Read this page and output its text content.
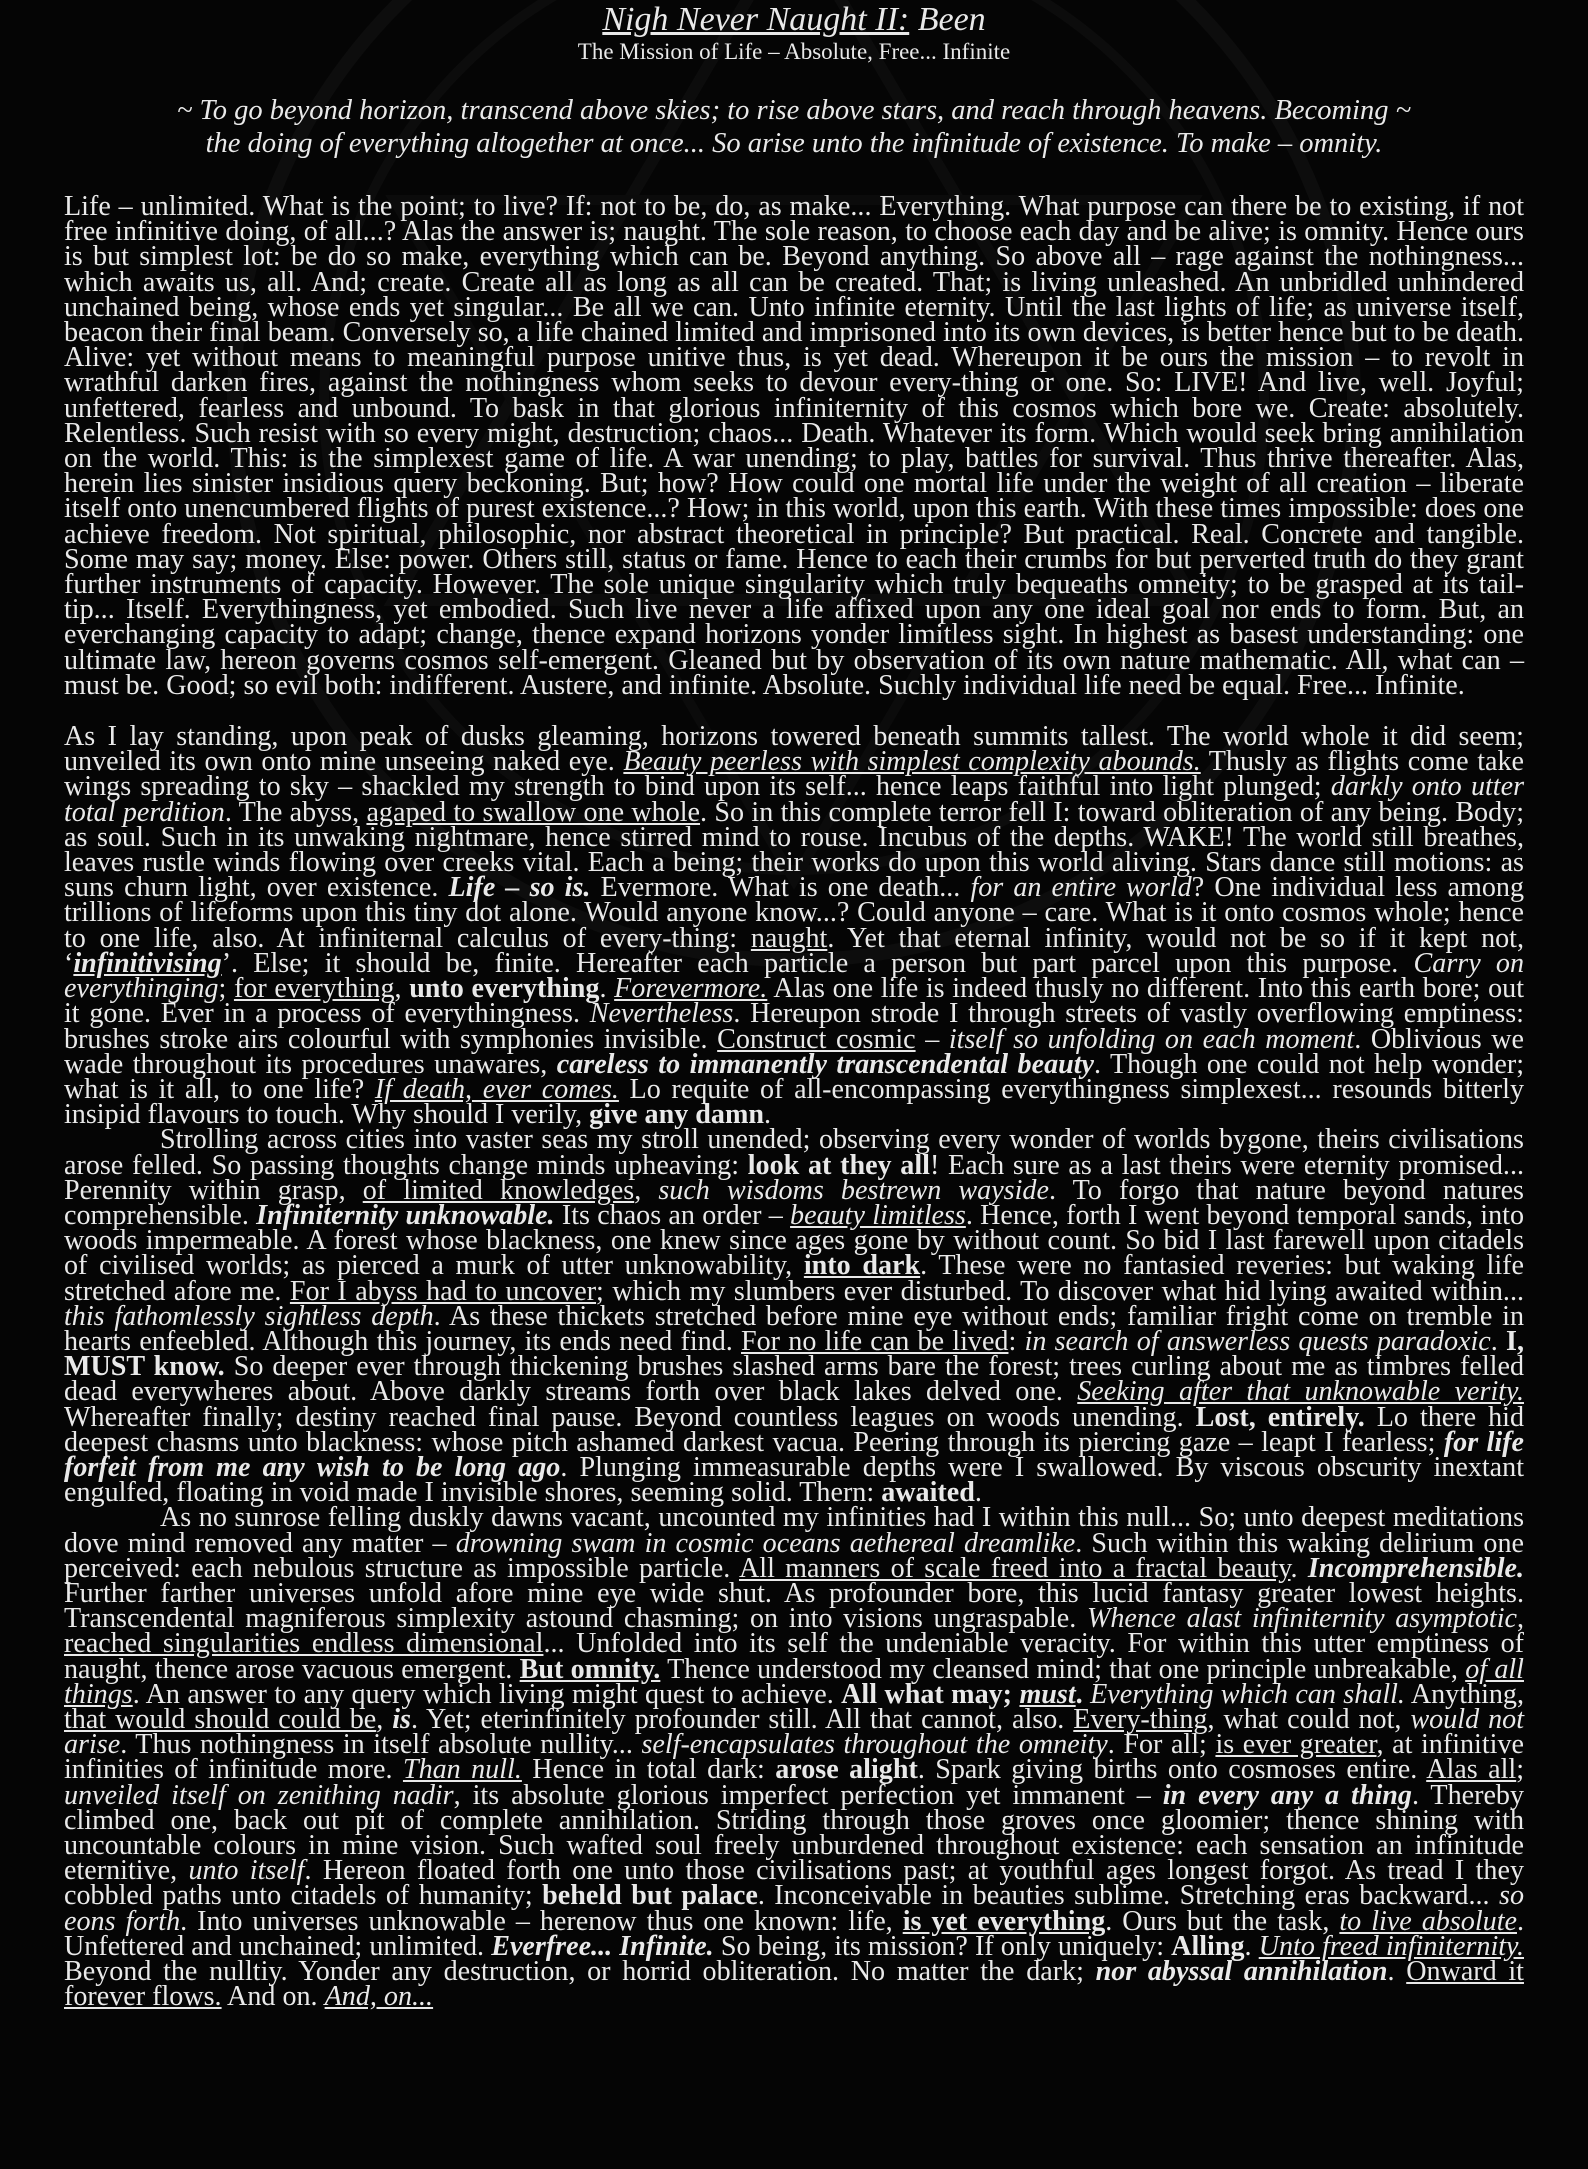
Nigh Never Naught II: Been
The Mission of Life – Absolute, Free... Infinite
~ To go beyond horizon, transcend above skies; to rise above stars, and reach through heavens. Becoming ~
the doing of everything altogether at once... So arise unto the infinitude of existence. To make – omnity.

Life – unlimited. What is the point; to live? If: not to be, do, as make... Everything. What purpose can there be to existing, if not free infinitive doing, of all...? Alas the answer is; naught. The sole reason, to choose each day and be alive; is omnity. Hence ours is but simplest lot: be do so make, everything which can be. Beyond anything. So above all – rage against the nothingness... which awaits us, all. And; create. Create all as long as all can be created. That; is living unleashed. An unbridled unhindered unchained being, whose ends yet singular... Be all we can. Unto infinite eternity. Until the last lights of life; as universe itself, beacon their final beam. Conversely so, a life chained limited and imprisoned into its own devices, is better hence but to be death. Alive: yet without means to meaningful purpose unitive thus, is yet dead. Whereupon it be ours the mission – to revolt in wrathful darken fires, against the nothingness whom seeks to devour every-thing or one. So: LIVE! And live, well. Joyful; unfettered, fearless and unbound. To bask in that glorious infiniternity of this cosmos which bore we. Create: absolutely. Relentless. Such resist with so every might, destruction; chaos... Death. Whatever its form. Which would seek bring annihilation on the world. This: is the simplexest game of life. A war unending; to play, battles for survival. Thus thrive thereafter. Alas, herein lies sinister insidious query beckoning. But; how? How could one mortal life under the weight of all creation – liberate itself onto unencumbered flights of purest existence...? How; in this world, upon this earth. With these times impossible: does one achieve freedom. Not spiritual, philosophic, nor abstract theoretical in principle? But practical. Real. Concrete and tangible. Some may say; money. Else: power. Others still, status or fame. Hence to each their crumbs for but perverted truth do they grant further instruments of capacity. However. The sole unique singularity which truly bequeaths omneity; to be grasped at its tail-tip... Itself. Everythingness, yet embodied. Such live never a life affixed upon any one ideal goal nor ends to form. But, an everchanging capacity to adapt; change, thence expand horizons yonder limitless sight. In highest as basest understanding: one ultimate law, hereon governs cosmos self-emergent. Gleaned but by observation of its own nature mathematic. All, what can – must be. Good; so evil both: indifferent. Austere, and infinite. Absolute. Suchly individual life need be equal. Free... Infinite.

As I lay standing, upon peak of dusks gleaming, horizons towered beneath summits tallest. The world whole it did seem; unveiled its own onto mine unseeing naked eye. Beauty peerless with simplest complexity abounds. Thusly as flights come take wings spreading to sky – shackled my strength to bind upon its self... hence leaps faithful into light plunged; darkly onto utter total perdition. The abyss, agaped to swallow one whole. So in this complete terror fell I: toward obliteration of any being. Body; as soul. Such in its unwaking nightmare, hence stirred mind to rouse. Incubus of the depths. WAKE! The world still breathes, leaves rustle winds flowing over creeks vital. Each a being; their works do upon this world aliving. Stars dance still motions: as suns churn light, over existence. Life – so is. Evermore. What is one death... for an entire world? One individual less among trillions of lifeforms upon this tiny dot alone. Would anyone know...? Could anyone – care. What is it onto cosmos whole; hence to one life, also. At infiniternal calculus of every-thing: naught. Yet that eternal infinity, would not be so if it kept not, ‘infinitivising’. Else; it should be, finite. Hereafter each particle a person but part parcel upon this purpose. Carry on everythinging; for everything, unto everything. Forevermore. Alas one life is indeed thusly no different. Into this earth bore; out it gone. Ever in a process of everythingness. Nevertheless. Hereupon strode I through streets of vastly overflowing emptiness: brushes stroke airs colourful with symphonies invisible. Construct cosmic – itself so unfolding on each moment. Oblivious we wade throughout its procedures unawares, careless to immanently transcendental beauty. Though one could not help wonder; what is it all, to one life? If death, ever comes. Lo requite of all-encompassing everythingness simplexest... resounds bitterly insipid flavours to touch. Why should I verily, give any damn.

Strolling across cities into vaster seas my stroll unended; observing every wonder of worlds bygone, theirs civilisations arose felled. So passing thoughts change minds upheaving: look at they all! Each sure as a last theirs were eternity promised... Perennity within grasp, of limited knowledges, such wisdoms bestrewn wayside. To forgo that nature beyond natures comprehensible. Infiniternity unknowable. Its chaos an order – beauty limitless. Hence, forth I went beyond temporal sands, into woods impermeable. A forest whose blackness, one knew since ages gone by without count. So bid I last farewell upon citadels of civilised worlds; as pierced a murk of utter unknowability, into dark. These were no fantasied reveries: but waking life stretched afore me. For I abyss had to uncover; which my slumbers ever disturbed. To discover what hid lying awaited within... this fathomlessly sightless depth. As these thickets stretched before mine eye without ends; familiar fright come on tremble in hearts enfeebled. Although this journey, its ends need find. For no life can be lived: in search of answerless quests paradoxic. I, MUST know. So deeper ever through thickening brushes slashed arms bare the forest; trees curling about me as timbres felled dead everywheres about. Above darkly streams forth over black lakes delved one. Seeking after that unknowable verity. Whereafter finally; destiny reached final pause. Beyond countless leagues on woods unending. Lost, entirely. Lo there hid deepest chasms unto blackness: whose pitch ashamed darkest vacua. Peering through its piercing gaze – leapt I fearless; for life forfeit from me any wish to be long ago. Plunging immeasurable depths were I swallowed. By viscous obscurity inextant engulfed, floating in void made I invisible shores, seeming solid. Thern: awaited.

As no sunrose felling duskly dawns vacant, uncounted my infinities had I within this null... So; unto deepest meditations dove mind removed any matter – drowning swam in cosmic oceans aethereal dreamlike. Such within this waking delirium one perceived: each nebulous structure as impossible particle. All manners of scale freed into a fractal beauty. Incomprehensible. Further farther universes unfold afore mine eye wide shut. As profounder bore, this lucid fantasy greater lowest heights. Transcendental magniferous simplexity astound chasming; on into visions ungraspable. Whence alast infiniternity asymptotic, reached singularities endless dimensional... Unfolded into its self the undeniable veracity. For within this utter emptiness of naught, thence arose vacuous emergent. But omnity. Thence understood my cleansed mind; that one principle unbreakable, of all things. An answer to any query which living might quest to achieve. All what may; must. Everything which can shall. Anything, that would should could be, is. Yet; eterinfinitely profounder still. All that cannot, also. Every-thing, what could not, would not arise. Thus nothingness in itself absolute nullity... self-encapsulates throughout the omneity. For all; is ever greater, at infinitive infinities of infinitude more. Than null. Hence in total dark: arose alight. Spark giving births onto cosmoses entire. Alas all; unveiled itself on zenithing nadir, its absolute glorious imperfect perfection yet immanent – in every any a thing. Thereby climbed one, back out pit of complete annihilation. Striding through those groves once gloomier; thence shining with uncountable colours in mine vision. Such wafted soul freely unburdened throughout existence: each sensation an infinitude eternitive, unto itself. Hereon floated forth one unto those civilisations past; at youthful ages longest forgot. As tread I they cobbled paths unto citadels of humanity; beheld but palace. Inconceivable in beauties sublime. Stretching eras backward... so eons forth. Into universes unknowable – herenow thus one known: life, is yet everything. Ours but the task, to live absolute. Unfettered and unchained; unlimited. Everfree... Infinite. So being, its mission? If only uniquely: Alling. Unto freed infiniternity. Beyond the nulltiy. Yonder any destruction, or horrid obliteration. No matter the dark; nor abyssal annihilation. Onward it forever flows. And on. And, on...
